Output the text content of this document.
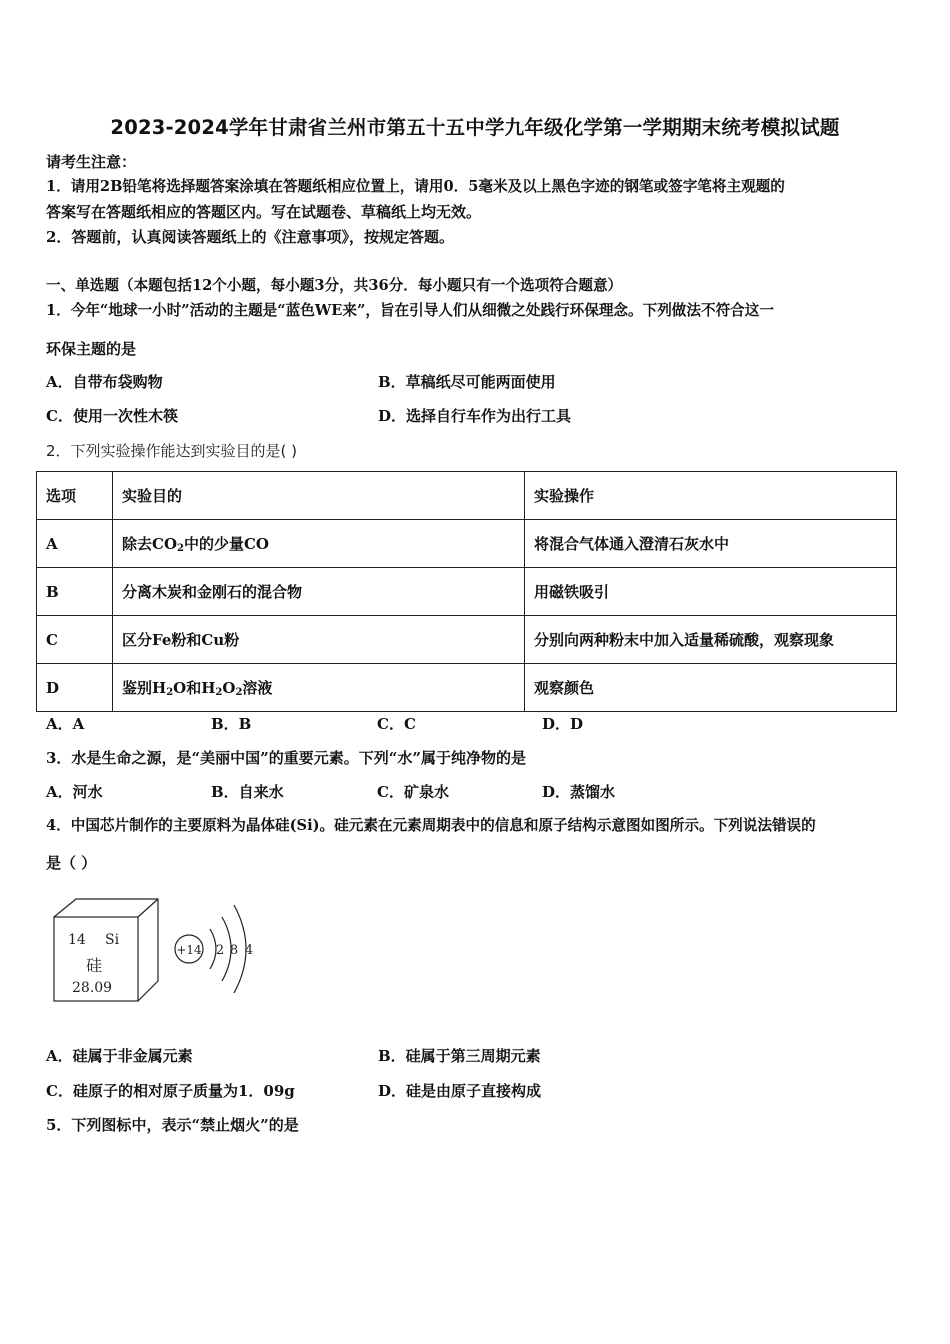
2023-2024学年甘肃省兰州市第五十五中学九年级化学第一学期期末统考模拟试题
请考生注意：
1．请用2B铅笔将选择题答案涂填在答题纸相应位置上，请用0．5毫米及以上黑色字迹的钢笔或签字笔将主观题的
答案写在答题纸相应的答题区内。写在试题卷、草稿纸上均无效。
2．答题前，认真阅读答题纸上的《注意事项》，按规定答题。
一、单选题（本题包括12个小题，每小题3分，共36分．每小题只有一个选项符合题意）
1．今年“地球一小时”活动的主题是“蓝色WE来”，旨在引导人们从细微之处践行环保理念。下列做法不符合这一
环保主题的是
A．自带布袋购物	B．草稿纸尽可能两面使用
C．使用一次性木筷	D．选择自行车作为出行工具
2．下列实验操作能达到实验目的是( )
选项	实验目的	实验操作
A	除去$CO_2$中的少量CO	将混合气体通入澄清石灰水中
B	分离木炭和金刚石的混合物	用磁铁吸引
C	区分Fe粉和Cu粉	分别向两种粉末中加入适量稀硫酸，观察现象
D	鉴别$H_2O$和$H_2O_2$溶液	观察颜色
A．A	B．B	C．C	D．D
3．水是生命之源，是“美丽中国”的重要元素。下列“水”属于纯净物的是
A．河水	B．自来水	C．矿泉水	D．蒸馏水
4．中国芯片制作的主要原料为晶体硅(Si)。硅元素在元素周期表中的信息和原子结构示意图如图所示。下列说法错误的
是（ ）
14 Si
硅
28.09
+14 2 8 4
A．硅属于非金属元素	B．硅属于第三周期元素
C．硅原子的相对原子质量为1．09g	D．硅是由原子直接构成
5．下列图标中，表示“禁止烟火”的是
